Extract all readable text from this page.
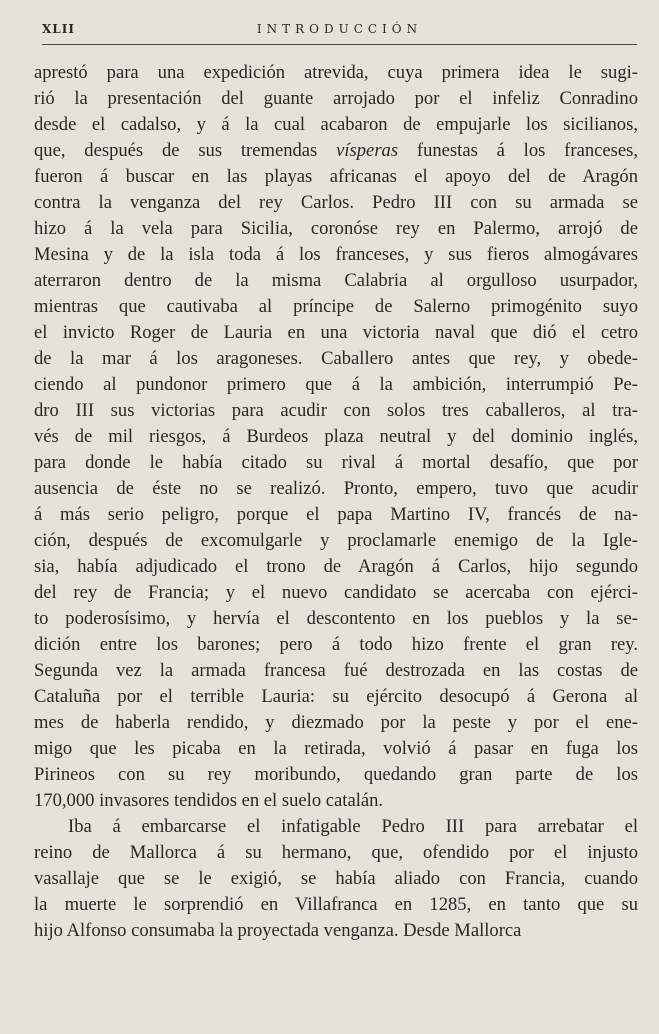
XLII	INTRODUCCIÓN
aprestó para una expedición atrevida, cuya primera idea le sugi-
rió la presentación del guante arrojado por el infeliz Conradino
desde el cadalso, y á la cual acabaron de empujarle los sicilianos,
que, después de sus tremendas vísperas funestas á los franceses,
fueron á buscar en las playas africanas el apoyo del de Aragón
contra la venganza del rey Carlos. Pedro III con su armada se
hizo á la vela para Sicilia, coronóse rey en Palermo, arrojó de
Mesina y de la isla toda á los franceses, y sus fieros almogávares
aterraron dentro de la misma Calabria al orgulloso usurpador,
mientras que cautivaba al príncipe de Salerno primogénito suyo
el invicto Roger de Lauria en una victoria naval que dió el cetro
de la mar á los aragoneses. Caballero antes que rey, y obede-
ciendo al pundonor primero que á la ambición, interrumpió Pe-
dro III sus victorias para acudir con solos tres caballeros, al tra-
vés de mil riesgos, á Burdeos plaza neutral y del dominio inglés,
para donde le había citado su rival á mortal desafío, que por
ausencia de éste no se realizó. Pronto, empero, tuvo que acudir
á más serio peligro, porque el papa Martino IV, francés de na-
ción, después de excomulgarle y proclamarle enemigo de la Igle-
sia, había adjudicado el trono de Aragón á Carlos, hijo segundo
del rey de Francia; y el nuevo candidato se acercaba con ejérci-
to poderosísimo, y hervía el descontento en los pueblos y la se-
dición entre los barones; pero á todo hizo frente el gran rey.
Segunda vez la armada francesa fué destrozada en las costas de
Cataluña por el terrible Lauria: su ejército desocupó á Gerona al
mes de haberla rendido, y diezmado por la peste y por el ene-
migo que les picaba en la retirada, volvió á pasar en fuga los
Pirineos con su rey moribundo, quedando gran parte de los
170,000 invasores tendidos en el suelo catalán.
Iba á embarcarse el infatigable Pedro III para arrebatar el
reino de Mallorca á su hermano, que, ofendido por el injusto
vasallaje que se le exigió, se había aliado con Francia, cuando
la muerte le sorprendió en Villafranca en 1285, en tanto que su
hijo Alfonso consumaba la proyectada venganza. Desde Mallorca
